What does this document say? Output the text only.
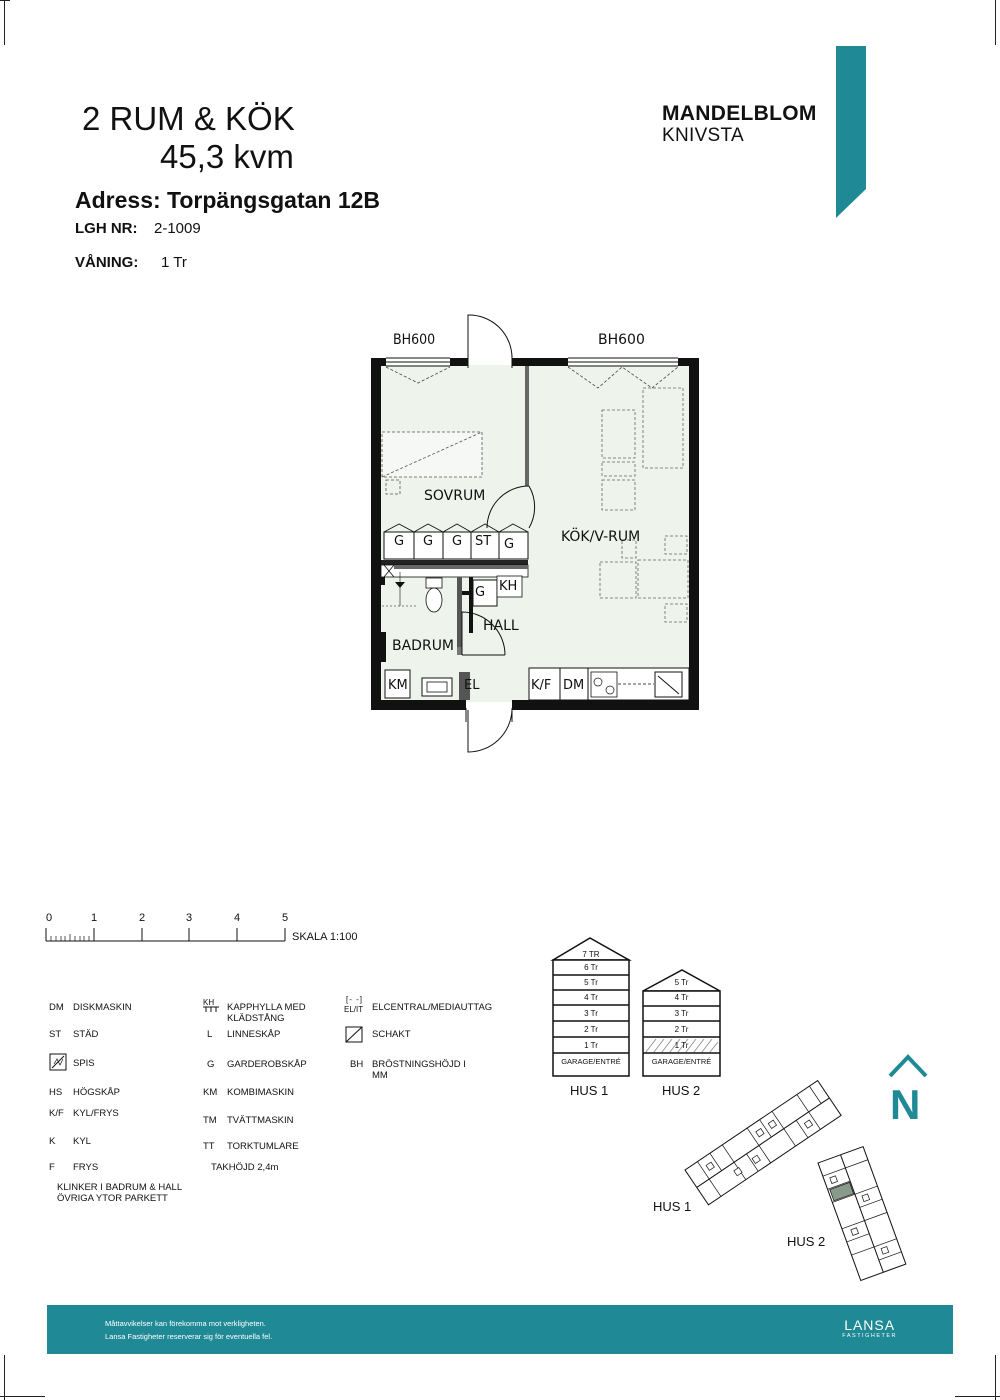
2 RUM & KÖK
45,3 kvm
Adress: Torpängsgatan 12B
LGH NR: 2-1009
VÅNING: 1 Tr
MANDELBLOM
KNIVSTA
BH600	BH600
SOVRUM
KÖK/V-RUM
HALL
BADRUM
G G G ST G
G KH
KM	EL	K/F DM
0	1	2	3	4	5
SKALA 1:100
DM DISKMASKIN
ST STÄD
SPIS
HS HÖGSKÅP
K/F KYL/FRYS
K KYL
F FRYS
KLINKER I BADRUM & HALL
ÖVRIGA YTOR PARKETT
KH KAPPHYLLA MED KLÄDSTÅNG
L LINNESKÅP
G GARDEROBSKÅP
KM KOMBIMASKIN
TM TVÄTTMASKIN
TT TORKTUMLARE
TAKHÖJD 2,4m
EL/IT
[- -]
ELCENTRAL/MEDIAUTTAG
SCHAKT
BH BRÖSTNINGSHÖJD I MM
7 TR
6 Tr
5 Tr
4 Tr
3 Tr
2 Tr
1 Tr
GARAGE/ENTRÉ
5 Tr
4 Tr
3 Tr
2 Tr
1 Tr
GARAGE/ENTRÉ
HUS 1	HUS 2	N
HUS 1
HUS 2
Måttavvikelser kan förekomma mot verkligheten.
Lansa Fastigheter reserverar sig för eventuella fel.
LANSA
FASTIGHETER
